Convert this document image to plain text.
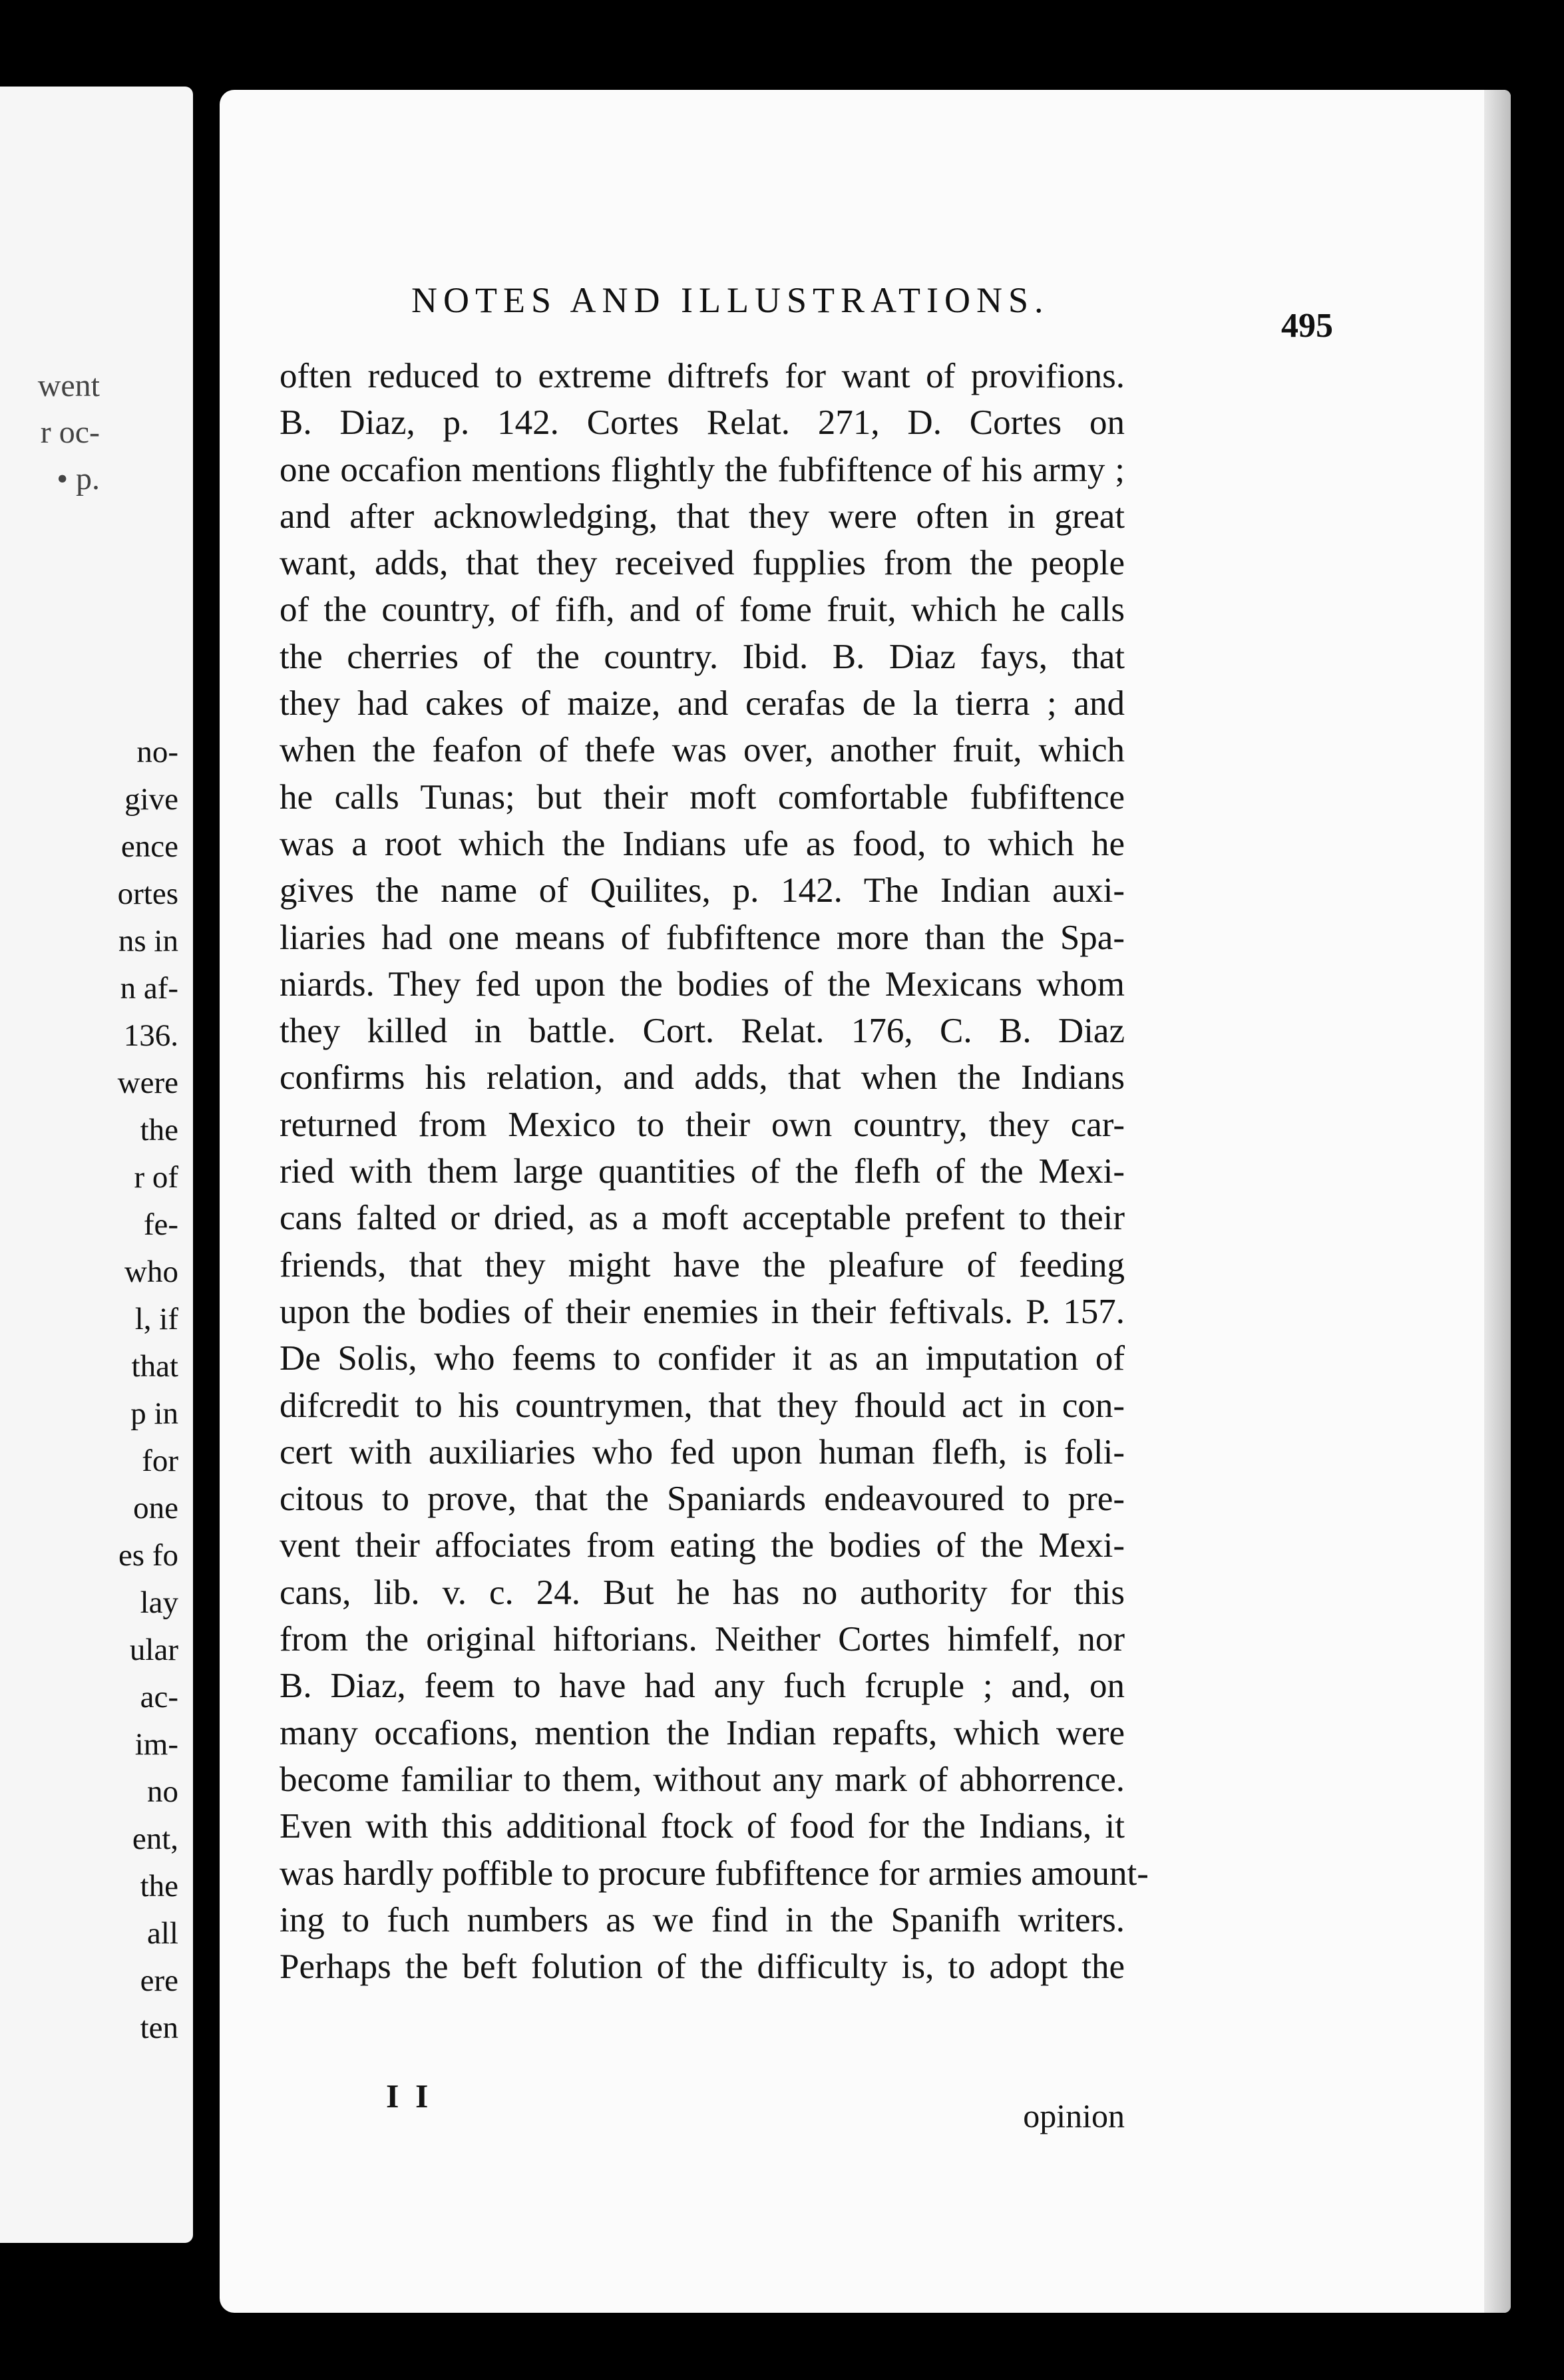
went
r oc-
• p.
no-
give
ence
ortes
ns in
n af-
136.
were
the
r of
fe-
who
l, if
that
p in
for
one
es fo
lay
ular
ac-
im-
no
ent,
the
all
ere
ten
NOTES AND ILLUSTRATIONS.
495
often reduced to extreme diftrefs for want of provifions.
B. Diaz, p. 142. Cortes Relat. 271, D. Cortes on
one occafion mentions flightly the fubfiftence of his army ;
and after acknowledging, that they were often in great
want, adds, that they received fupplies from the people
of the country, of fifh, and of fome fruit, which he calls
the cherries of the country. Ibid. B. Diaz fays, that
they had cakes of maize, and cerafas de la tierra ; and
when the feafon of thefe was over, another fruit, which
he calls Tunas; but their moft comfortable fubfiftence
was a root which the Indians ufe as food, to which he
gives the name of Quilites, p. 142. The Indian auxi-
liaries had one means of fubfiftence more than the Spa-
niards. They fed upon the bodies of the Mexicans whom
they killed in battle. Cort. Relat. 176, C. B. Diaz
confirms his relation, and adds, that when the Indians
returned from Mexico to their own country, they car-
ried with them large quantities of the flefh of the Mexi-
cans falted or dried, as a moft acceptable prefent to their
friends, that they might have the pleafure of feeding
upon the bodies of their enemies in their feftivals. P. 157.
De Solis, who feems to confider it as an imputation of
difcredit to his countrymen, that they fhould act in con-
cert with auxiliaries who fed upon human flefh, is foli-
citous to prove, that the Spaniards endeavoured to pre-
vent their affociates from eating the bodies of the Mexi-
cans, lib. v. c. 24. But he has no authority for this
from the original hiftorians. Neither Cortes himfelf, nor
B. Diaz, feem to have had any fuch fcruple ; and, on
many occafions, mention the Indian repafts, which were
become familiar to them, without any mark of abhorrence.
Even with this additional ftock of food for the Indians, it
was hardly poffible to procure fubfiftence for armies amount-
ing to fuch numbers as we find in the Spanifh writers.
Perhaps the beft folution of the difficulty is, to adopt the
I I
opinion
